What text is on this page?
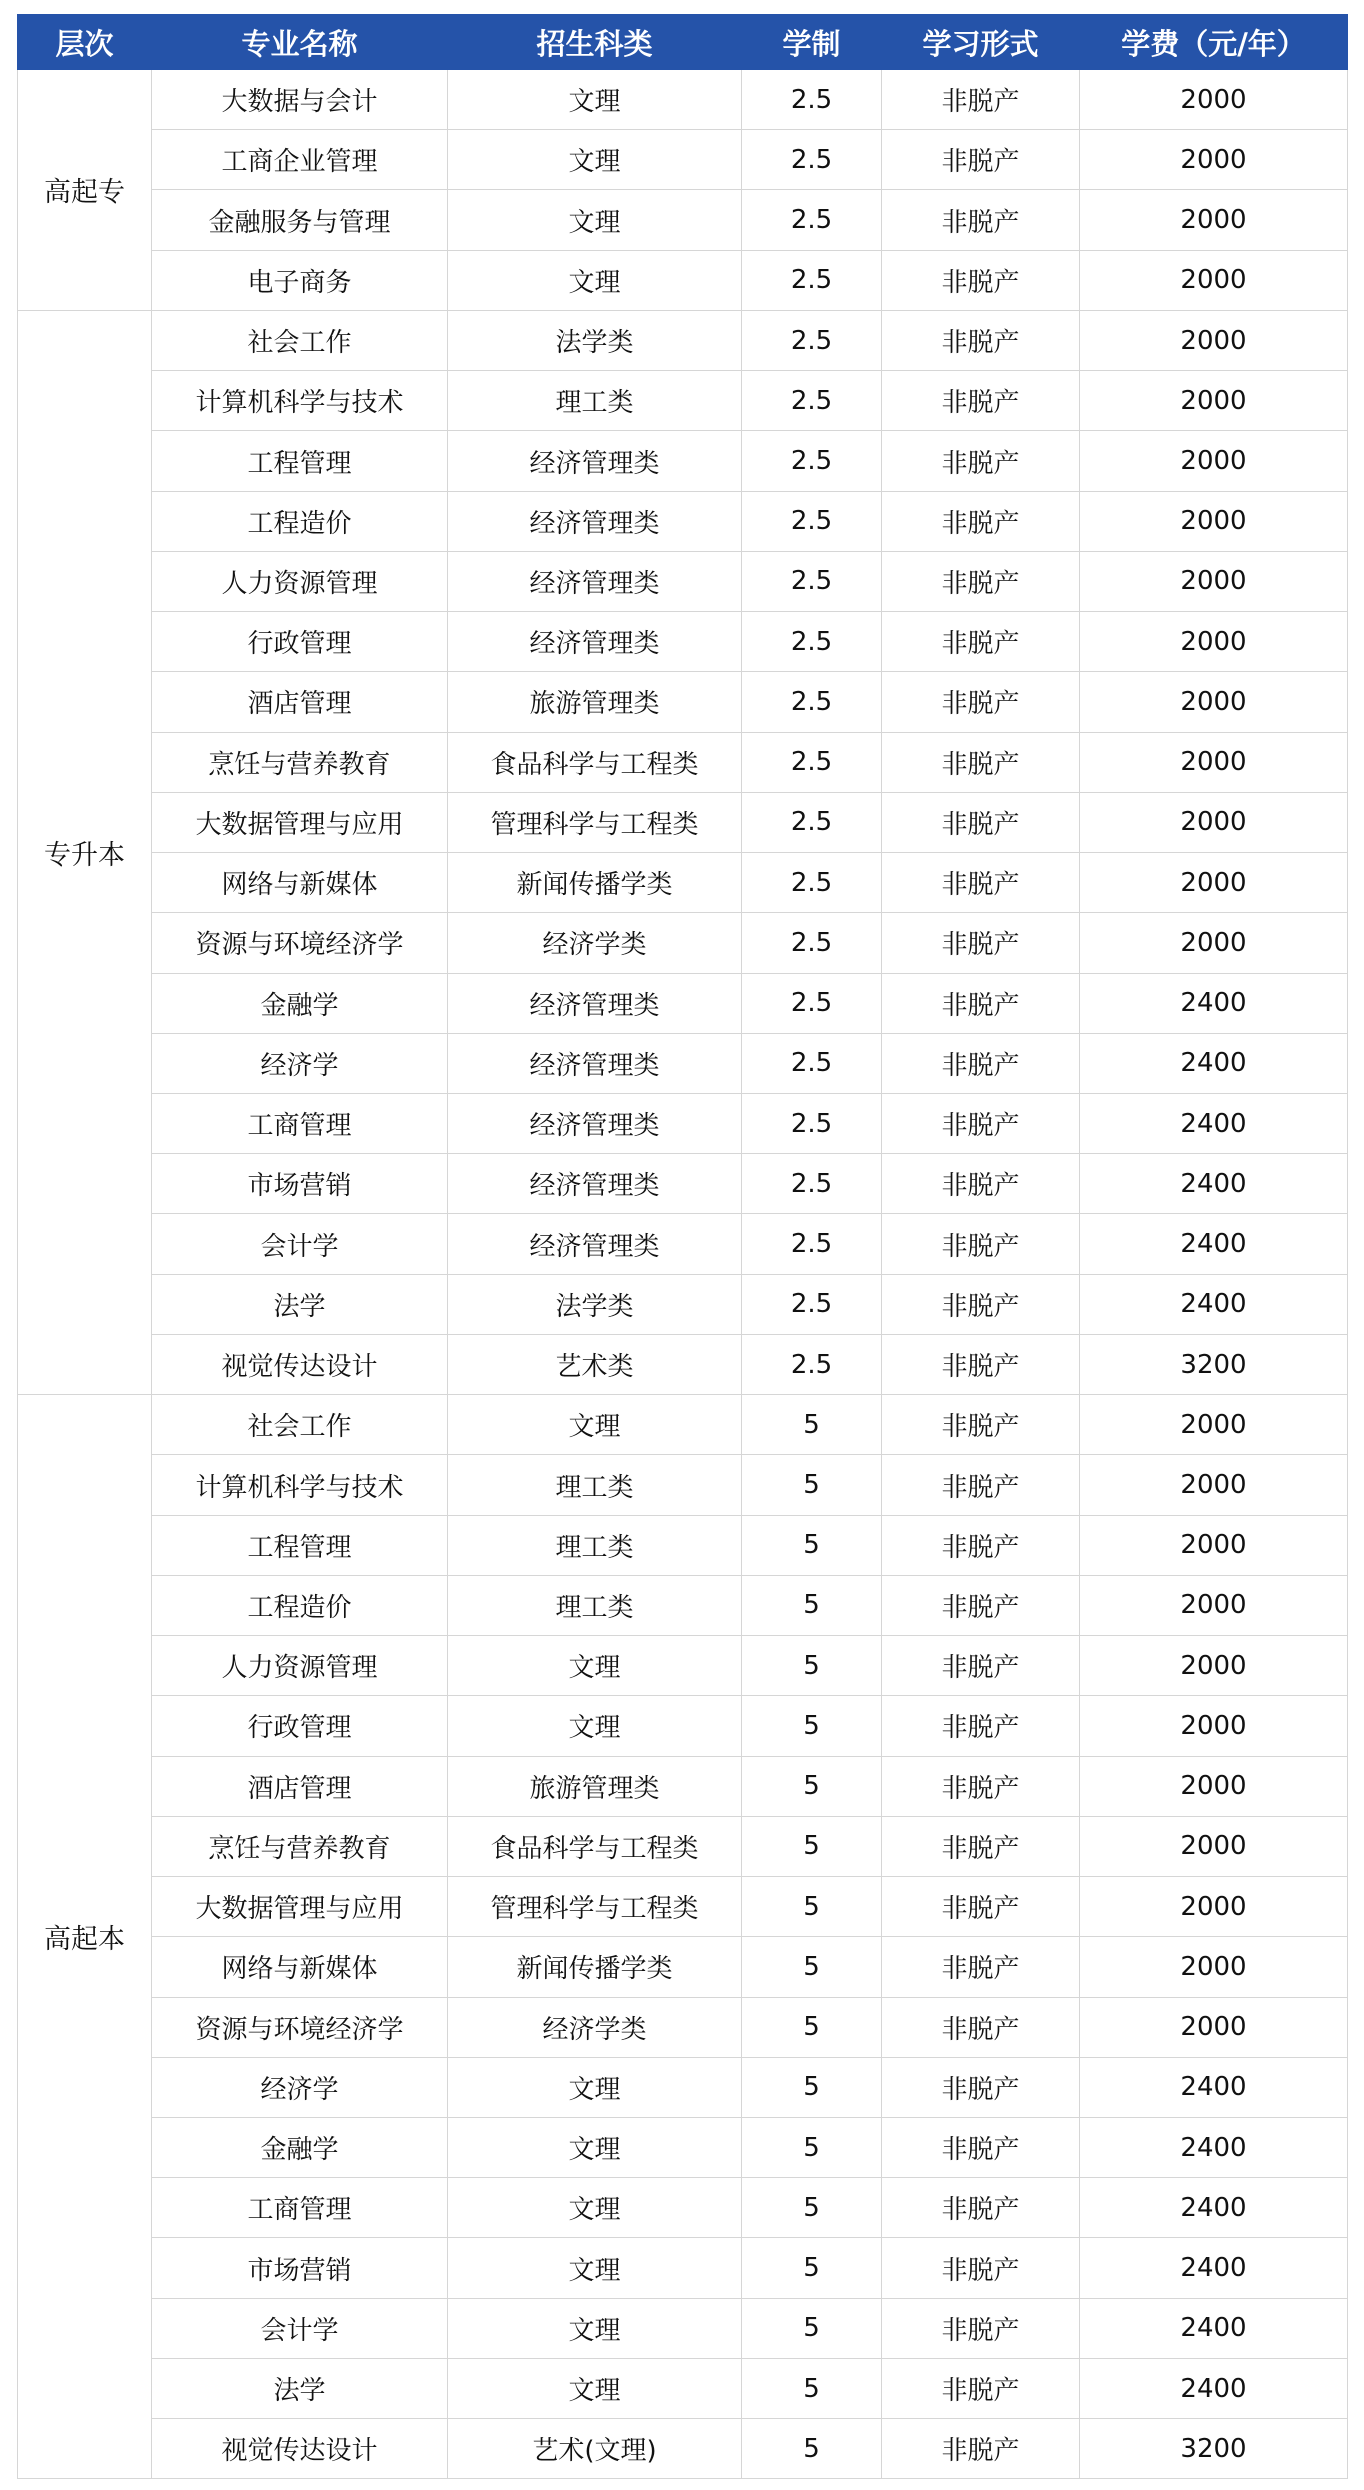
层次	专业名称	招生科类	学制	学习形式	学费（元/年）
高起专	大数据与会计	文理	2.5	非脱产	2000
	工商企业管理	文理	2.5	非脱产	2000
	金融服务与管理	文理	2.5	非脱产	2000
	电子商务	文理	2.5	非脱产	2000
专升本	社会工作	法学类	2.5	非脱产	2000
	计算机科学与技术	理工类	2.5	非脱产	2000
	工程管理	经济管理类	2.5	非脱产	2000
	工程造价	经济管理类	2.5	非脱产	2000
	人力资源管理	经济管理类	2.5	非脱产	2000
	行政管理	经济管理类	2.5	非脱产	2000
	酒店管理	旅游管理类	2.5	非脱产	2000
	烹饪与营养教育	食品科学与工程类	2.5	非脱产	2000
	大数据管理与应用	管理科学与工程类	2.5	非脱产	2000
	网络与新媒体	新闻传播学类	2.5	非脱产	2000
	资源与环境经济学	经济学类	2.5	非脱产	2000
	金融学	经济管理类	2.5	非脱产	2400
	经济学	经济管理类	2.5	非脱产	2400
	工商管理	经济管理类	2.5	非脱产	2400
	市场营销	经济管理类	2.5	非脱产	2400
	会计学	经济管理类	2.5	非脱产	2400
	法学	法学类	2.5	非脱产	2400
	视觉传达设计	艺术类	2.5	非脱产	3200
高起本	社会工作	文理	5	非脱产	2000
	计算机科学与技术	理工类	5	非脱产	2000
	工程管理	理工类	5	非脱产	2000
	工程造价	理工类	5	非脱产	2000
	人力资源管理	文理	5	非脱产	2000
	行政管理	文理	5	非脱产	2000
	酒店管理	旅游管理类	5	非脱产	2000
	烹饪与营养教育	食品科学与工程类	5	非脱产	2000
	大数据管理与应用	管理科学与工程类	5	非脱产	2000
	网络与新媒体	新闻传播学类	5	非脱产	2000
	资源与环境经济学	经济学类	5	非脱产	2000
	经济学	文理	5	非脱产	2400
	金融学	文理	5	非脱产	2400
	工商管理	文理	5	非脱产	2400
	市场营销	文理	5	非脱产	2400
	会计学	文理	5	非脱产	2400
	法学	文理	5	非脱产	2400
	视觉传达设计	艺术(文理)	5	非脱产	3200
